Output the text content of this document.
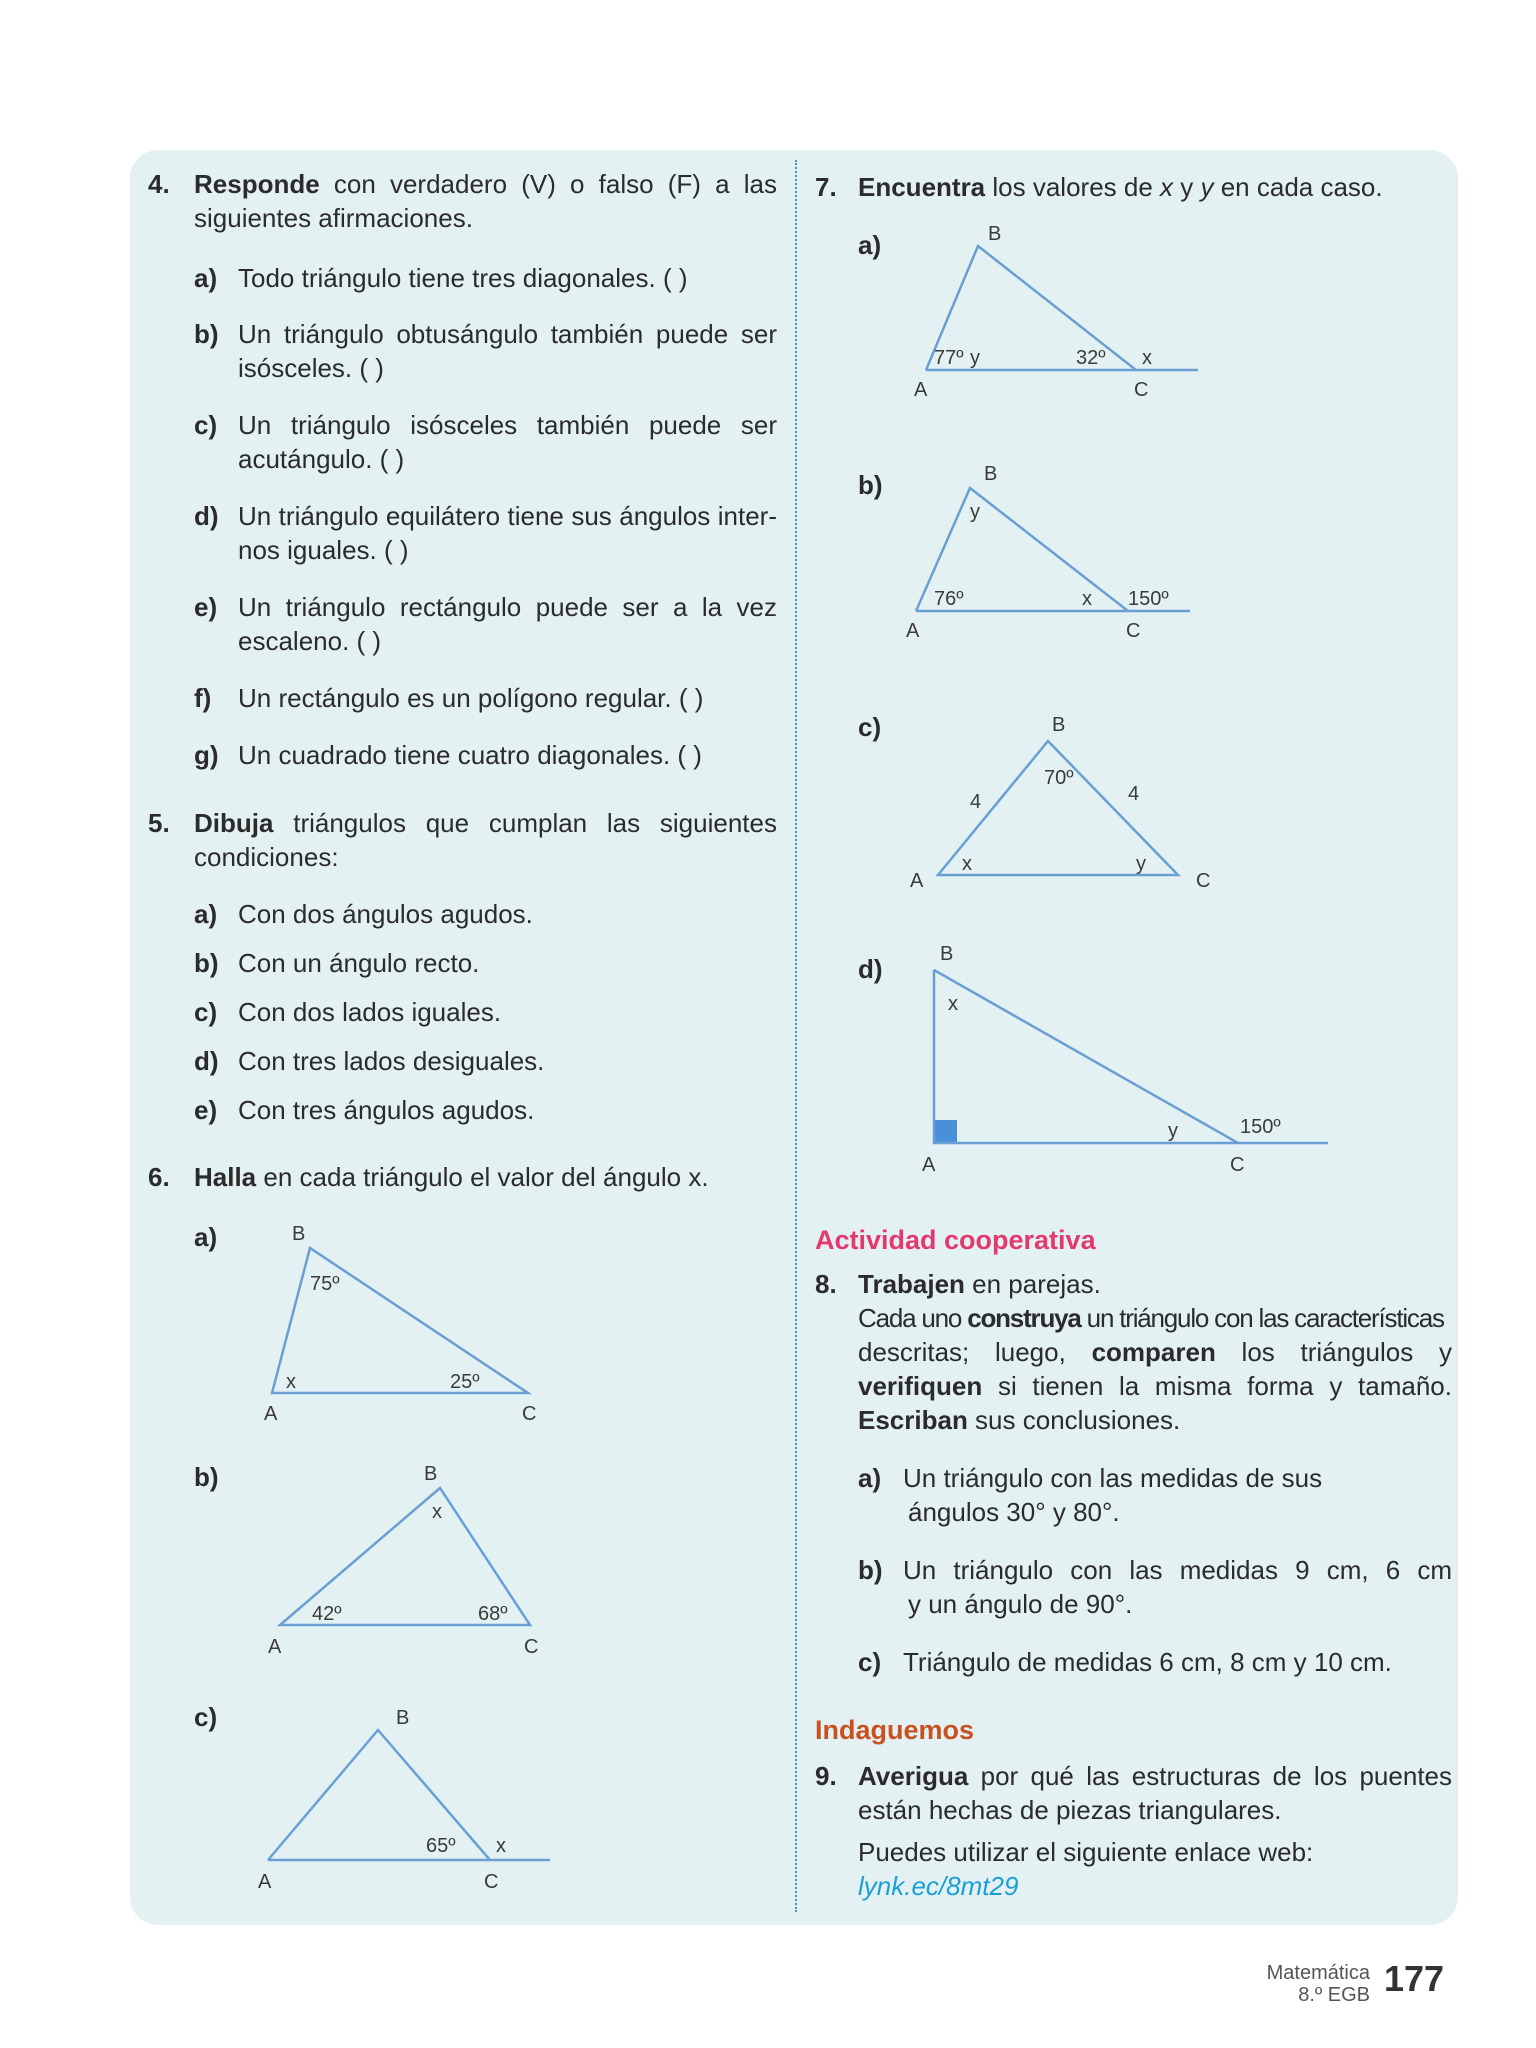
4. Responde con verdadero (V) o falso (F) a las
siguientes afirmaciones.
a) Todo triángulo tiene tres diagonales. ( )
b) Un triángulo obtusángulo también puede ser
isósceles. ( )
c) Un triángulo isósceles también puede ser
acutángulo. ( )
d) Un triángulo equilátero tiene sus ángulos inter-
nos iguales. ( )
e) Un triángulo rectángulo puede ser a la vez
escaleno. ( )
f) Un rectángulo es un polígono regular. ( )
g) Un cuadrado tiene cuatro diagonales. ( )
5. Dibuja triángulos que cumplan las siguientes
condiciones:
a) Con dos ángulos agudos.
b) Con un ángulo recto.
c) Con dos lados iguales.
d) Con tres lados desiguales.
e) Con tres ángulos agudos.
6. Halla en cada triángulo el valor del ángulo x.
a)	B
75º
x	25º
A	C
b)	B
x
42º	68º
A	C
c)	B
65º x
A	C
7. Encuentra los valores de x y y en cada caso.
a)	B
77º y	32º x
A	C
b)	B
y
76º	x 150º
A	C
c)	B
70º
4	4
x	y
A	C
d)	B
x
y	150º
A	C
Actividad cooperativa
8. Trabajen en parejas.
Cada uno construya un triángulo con las características
descritas; luego, comparen los triángulos y
verifiquen si tienen la misma forma y tamaño.
Escriban sus conclusiones.
a) Un triángulo con las medidas de sus
ángulos 30° y 80°.
b) Un triángulo con las medidas 9 cm, 6 cm
y un ángulo de 90°.
c) Triángulo de medidas 6 cm, 8 cm y 10 cm.
Indaguemos
9. Averigua por qué las estructuras de los puentes
están hechas de piezas triangulares.
Puedes utilizar el siguiente enlace web:
lynk.ec/8mt29
Matemática
8.º EGB 177
